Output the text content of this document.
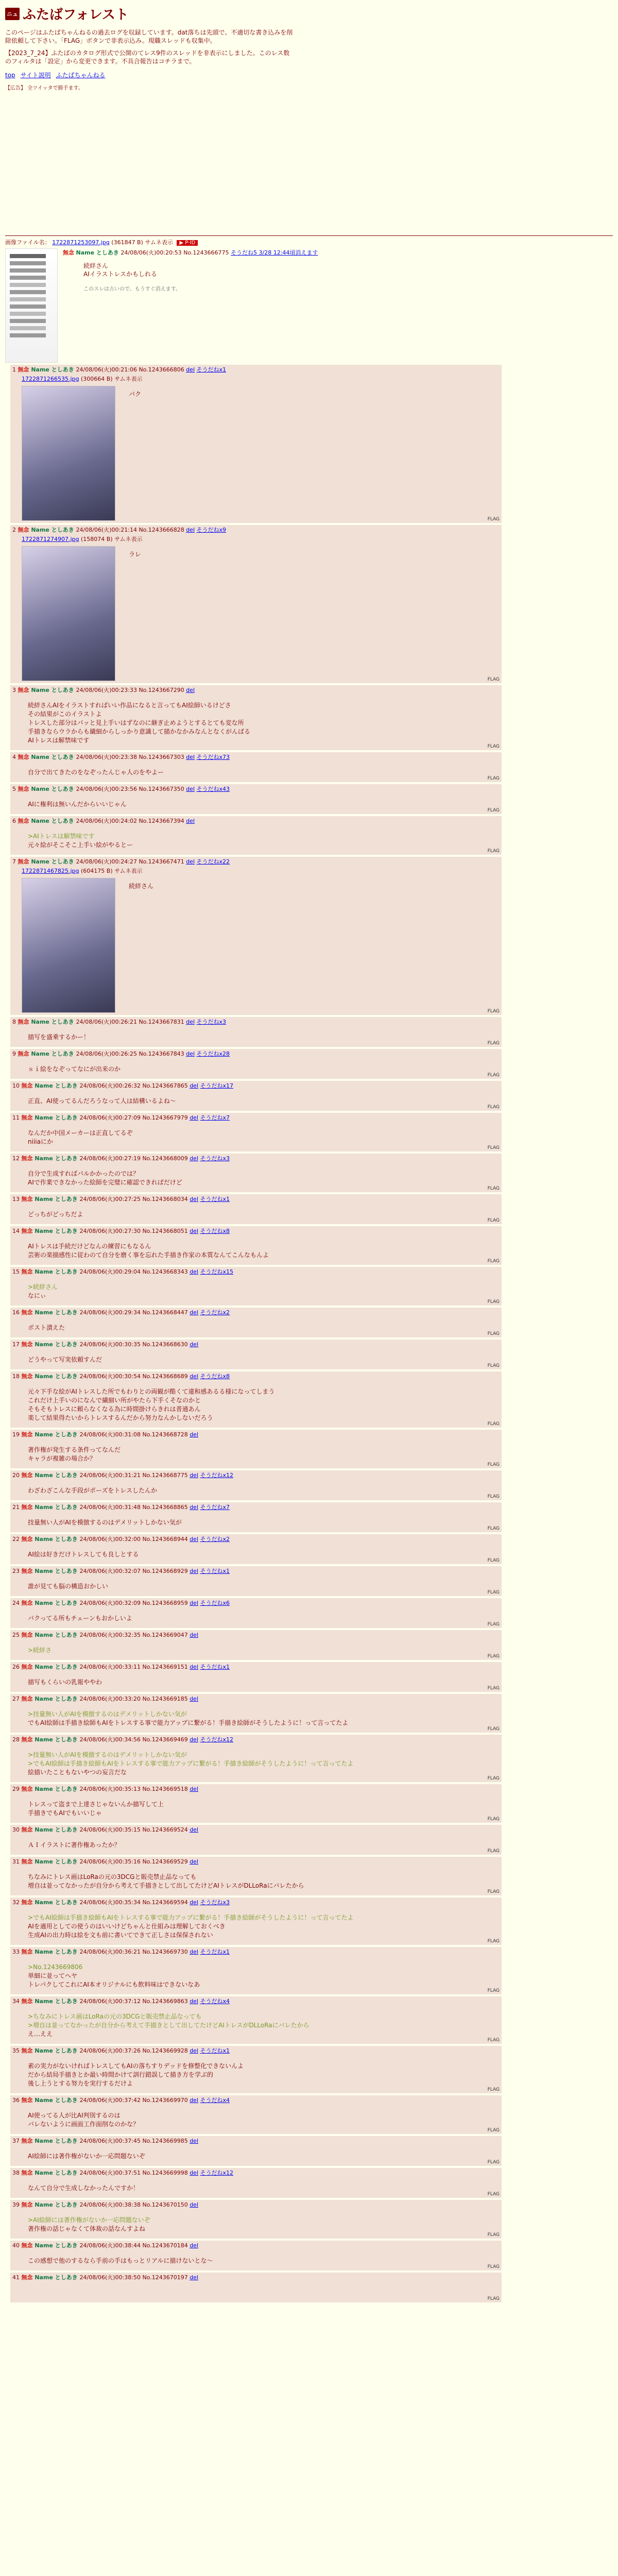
ニュ ふたばフォレスト

このページはふたばちゃんねるの過去ログを収録しています。dat落ちは先頭で、不適切な書き込みを削除依頼して下さい。「FLAG」ボタンで非表示込み。現職スレッドも収集中。

【2023_7_24】ふたばのカタログ形式で公開のてレス9件のスレッドを非表示にしました。このレス数のフィルタは「設定」から変更できます。不具合報告はコチラまで。

top サイト説明 ふたばちゃんねる
【広告】 全ツイッタで勝手ます。
画像ファイル名： 1722871253097.jpg (361847 B) サムネ表示 ▶ P-ID
無念 Name としあき 24/08/06(火)00:20:53 No.1243666775 そうだね5 3/28 12:44頃消えます
続絆さん
AIイラストレスかもしれる
このスレは古いので、もうすぐ消えます。
1 無念 Name としあき 24/08/06(火)00:21:06 No.1243666806 del そうだねx1
1722871266535.jpg (300664 B) サムネ表示
バク
FLAG
2 無念 Name としあき 24/08/06(火)00:21:14 No.1243666828 del そうだねx9
1722871274907.jpg (158074 B) サムネ表示
ラレ
FLAG
3 無念 Name としあき 24/08/06(火)00:23:33 No.1243667290 del
続絆さんAIをイラストすればいい作品になると言ってもAI絵師いるけどさ
その結果がこのイラストよ
トレスした部分はパッと見上手いはずなのに継ぎ止めようとするとても変な所
手描きならウラからも繊細からしっかり意識して描かなかみなんとなくがんばる
AIトレスは解禁味です
FLAG
4 無念 Name としあき 24/08/06(火)00:23:38 No.1243667303 del そうだねx73
自分で出てきたのをなぞったんじゃ人のをやよー
FLAG
5 無念 Name としあき 24/08/06(火)00:23:56 No.1243667350 del そうだねx43
AIに権利は無いんだからいいじゃん
FLAG
6 無念 Name としあき 24/08/06(火)00:24:02 No.1243667394 del
>AIトレスは解禁味です
元々絵がそこそこ上手い絵がやるとー
FLAG
7 無念 Name としあき 24/08/06(火)00:24:27 No.1243667471 del そうだねx22
1722871467825.jpg (604175 B) サムネ表示
続絆さん
FLAG
8 無念 Name としあき 24/08/06(火)00:26:21 No.1243667831 del そうだねx3
描写を盛乗するかー！
FLAG
9 無念 Name としあき 24/08/06(火)00:26:25 No.1243667843 del そうだねx28
ｓｉ絵をなぞってなにが出来のか
FLAG
10 無念 Name としあき 24/08/06(火)00:26:32 No.1243667865 del そうだねx17
正直、AI使ってるんだろうなって人は結構いるよね～
FLAG
11 無念 Name としあき 24/08/06(火)00:27:09 No.1243667979 del そうだねx7
なんだか中国メーカーは正直してるぞ
niiiaにか
FLAG
12 無念 Name としあき 24/08/06(火)00:27:19 No.1243668009 del そうだねx3
自分で生成すればパルかかったのでは？
AIで作業できなかった絵師を完璧に確認できればだけど
FLAG
13 無念 Name としあき 24/08/06(火)00:27:25 No.1243668034 del そうだねx1
どっちがどっちだよ
FLAG
14 無念 Name としあき 24/08/06(火)00:27:30 No.1243668051 del そうだねx8
AIトレスは手続だけどなんの練習にもなるん
芸術の楽描感性に従わのて自分を磨く事を忘れた手描き作家の本質なんてこんなもんよ
FLAG
15 無念 Name としあき 24/08/06(火)00:29:04 No.1243668343 del そうだねx15
>続絆さん
なにぃ
FLAG
16 無念 Name としあき 24/08/06(火)00:29:34 No.1243668447 del そうだねx2
ポスト潰えた
FLAG
17 無念 Name としあき 24/08/06(火)00:30:35 No.1243668630 del
どうやって写実依頼すんだ
FLAG
18 無念 Name としあき 24/08/06(火)00:30:54 No.1243668689 del そうだねx8
元々下手な絵がAIトレスした所でもわりとの両観が酷くて違和感あるる様になってしまう
これだけ上手いのになんで繊細い所がやたら下手くそなのかと
そもそもトレスに頼らなくなる為に時間掛けらきれは普通あん
楽して結果得たいからトレスするんだから努力なんかしないだろう
FLAG
19 無念 Name としあき 24/08/06(火)00:31:08 No.1243668728 del
著作権が発生する条件ってなんだ
キャラが複雑の場合か？
FLAG
20 無念 Name としあき 24/08/06(火)00:31:21 No.1243668775 del そうだねx12
わざわざこんな手段がポーズをトレスしたんか
FLAG
21 無念 Name としあき 24/08/06(火)00:31:48 No.1243668865 del そうだねx7
技量無い人がAIを模倣するのはデメリットしかない気が
FLAG
22 無念 Name としあき 24/08/06(火)00:32:00 No.1243668944 del そうだねx2
AI絵は好きだけトレスしても良しとする
FLAG
23 無念 Name としあき 24/08/06(火)00:32:07 No.1243668929 del そうだねx1
誰が見ても脳の構造おかしい
FLAG
24 無念 Name としあき 24/08/06(火)00:32:09 No.1243668959 del そうだねx6
バクってる所もチェーンもおかしいよ
FLAG
25 無念 Name としあき 24/08/06(火)00:32:35 No.1243669047 del
>続絆さ
FLAG
26 無念 Name としあき 24/08/06(火)00:33:11 No.1243669151 del そうだねx1
描写もくらいの乳報ややわ
FLAG
27 無念 Name としあき 24/08/06(火)00:33:20 No.1243669185 del
>技量無い人がAIを模倣するのはデメリットしかない気が
でもAI絵師は手描き絵師もAIをトレスする事で能力アップに繋がる！手描き絵師がそうしたように！って言ってたよ
FLAG
28 無念 Name としあき 24/08/06(火)00:34:56 No.1243669469 del そうだねx12
>技量無い人がAIを模倣するのはデメリットしかない気が
>でもAI絵師は手描き絵師もAIをトレスする事で能力アップに繋がる！手描き絵師がそうしたように！って言ってたよ
絵描いたこともないやつの妄言だな
FLAG
29 無念 Name としあき 24/08/06(火)00:35:13 No.1243669518 del
トレスって盗まで上達さじゃないんか描写して上
手描きでもAIでもいいじゃ
FLAG
30 無念 Name としあき 24/08/06(火)00:35:15 No.1243669524 del
ＡＩイラストに著作権あったか？
FLAG
31 無念 Name としあき 24/08/06(火)00:35:16 No.1243669529 del
ちなみにトレス画はLoRaの元の3DCGと販売禁止品なっても
増自は並ってなかったが自分から考えて手描きとして出してたけどAIトレスがDLLoRaにバレたから
FLAG
32 無念 Name としあき 24/08/06(火)00:35:34 No.1243669594 del そうだねx3
>でもAI絵師は手描き絵師もAIをトレスする事で能力アップに繋がる！手描き絵師がそうしたように！って言ってたよ
AIを適用としての使うのはいいけどちゃんと仕組みは理解しておくべき
生成AIの出力時は絵を文も前に書いてできて正しさは保保されない
FLAG
33 無念 Name としあき 24/08/06(火)00:36:21 No.1243669730 del そうだねx1
>No.1243669806
単細に並ってヘヤ
トレパクしてこれにAI本オリジナルにも飲料味はできないなあ
FLAG
34 無念 Name としあき 24/08/06(火)00:37:12 No.1243669863 del そうだねx4
>ちなみにトレス画はLoRaの元の3DCGと販売禁止品なっても
>増自は並ってなかったが自分から考えて手描きとして出してたけどAIトレスがDLLoRaにバレたから
え…ええ
FLAG
35 無念 Name としあき 24/08/06(火)00:37:26 No.1243669928 del そうだねx1
素の実力がないければトレスしてもAIの落ちすりデッドを修整化できないんよ
だから結局手描きとか最い時間かけて訓行錯誤して描き方を学ぶ的
後し上うとする努力を実行するだけよ
FLAG
36 無念 Name としあき 24/08/06(火)00:37:42 No.1243669970 del そうだねx4
AI使ってる人が比AI判別するのは
バレないように画面工作面削なのかな？
FLAG
37 無念 Name としあき 24/08/06(火)00:37:45 No.1243669985 del
AI絵師には著作権がないか一応問題ないぞ
FLAG
38 無念 Name としあき 24/08/06(火)00:37:51 No.1243669998 del そうだねx12
なんて自分で生成しなかったんですか！
FLAG
39 無念 Name としあき 24/08/06(火)00:38:38 No.1243670150 del
>AI絵師には著作権がないか一応問題ないぞ
著作権の話じゃなくて体裁の話なんすよね
FLAG
40 無念 Name としあき 24/08/06(火)00:38:44 No.1243670184 del
この感想で他のするなら手前の手はもっとリアルに描けないとな～
FLAG
41 無念 Name としあき 24/08/06(火)00:38:50 No.1243670197 del
FLAG
